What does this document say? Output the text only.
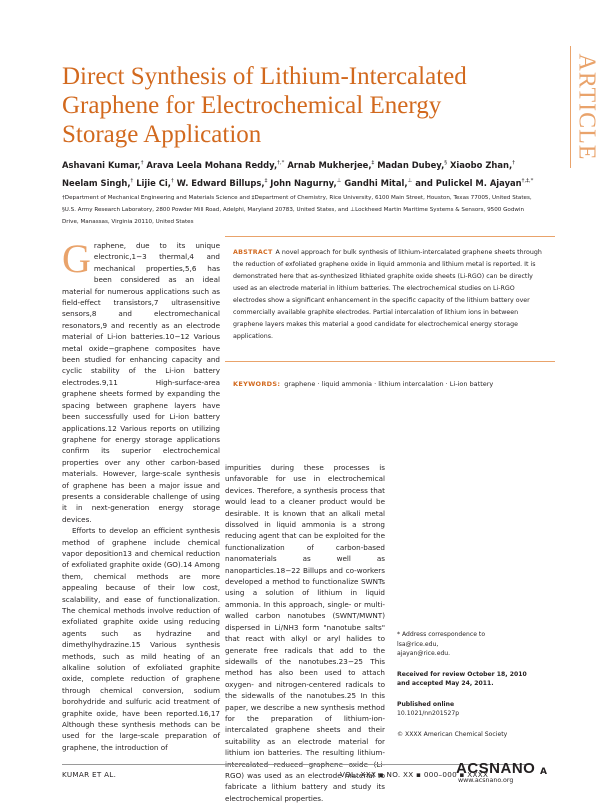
ARTICLE
Direct Synthesis of Lithium-Intercalated Graphene for Electrochemical Energy Storage Application
Ashavani Kumar,† Arava Leela Mohana Reddy,†,* Arnab Mukherjee,‡ Madan Dubey,§ Xiaobo Zhan,† Neelam Singh,† Lijie Ci,† W. Edward Billups,‡ John Nagurny,⊥ Gandhi Mital,⊥ and Pulickel M. Ajayan†,‡,*

†Department of Mechanical Engineering and Materials Science and ‡Department of Chemistry, Rice University, 6100 Main Street, Houston, Texas 77005, United States, §U.S. Army Research Laboratory, 2800 Powder Mill Road, Adelphi, Maryland 20783, United States, and ⊥Lockheed Martin Maritime Systems & Sensors, 9500 Godwin Drive, Manassas, Virginia 20110, United States

Graphene, due to its unique electronic,1−3 thermal,4 and mechanical properties,5,6 has been considered as an ideal material for numerous applications such as field-effect transistors,7 ultrasensitive sensors,8 and electromechanical resonators,9 and recently as an electrode material of Li-ion batteries.10−12 Various metal oxide−graphene composites have been studied for enhancing capacity and cyclic stability of the Li-ion battery electrodes.9,11 High-surface-area graphene sheets formed by expanding the spacing between graphene layers have been successfully used for Li-ion battery applications.12 Various reports on utilizing graphene for energy storage applications confirm its superior electrochemical properties over any other carbon-based materials. However, large-scale synthesis of graphene has been a major issue and presents a considerable challenge of using it in next-generation energy storage devices.

Efforts to develop an efficient synthesis method of graphene include chemical vapor deposition13 and chemical reduction of exfoliated graphite oxide (GO).14 Among them, chemical methods are more appealing because of their low cost, scalability, and ease of functionalization. The chemical methods involve reduction of exfoliated graphite oxide using reducing agents such as hydrazine and dimethylhydrazine.15 Various synthesis methods, such as mild heating of an alkaline solution of exfoliated graphite oxide, complete reduction of graphene through chemical conversion, sodium borohydride and sulfuric acid treatment of graphite oxide, have been reported.16,17 Although these synthesis methods can be used for the large-scale preparation of graphene, the introduction of

ABSTRACT A novel approach for bulk synthesis of lithium-intercalated graphene sheets through the reduction of exfoliated graphene oxide in liquid ammonia and lithium metal is reported. It is demonstrated here that as-synthesized lithiated graphite oxide sheets (Li-RGO) can be directly used as an electrode material in lithium batteries. The electrochemical studies on Li-RGO electrodes show a significant enhancement in the specific capacity of the lithium battery over commercially available graphite electrodes. Partial intercalation of lithium ions in between graphene layers makes this material a good candidate for electrochemical energy storage applications.

KEYWORDS: graphene · liquid ammonia · lithium intercalation · Li-ion battery

impurities during these processes is unfavorable for use in electrochemical devices. Therefore, a synthesis process that would lead to a cleaner product would be desirable. It is known that an alkali metal dissolved in liquid ammonia is a strong reducing agent that can be exploited for the functionalization of carbon-based nanomaterials as well as nanoparticles.18−22 Billups and co-workers developed a method to functionalize SWNTs using a solution of lithium in liquid ammonia. In this approach, single- or multi-walled carbon nanotubes (SWNT/MWNT) dispersed in Li/NH3 form "nanotube salts" that react with alkyl or aryl halides to generate free radicals that add to the sidewalls of the nanotubes.23−25 This method has also been used to attach oxygen- and nitrogen-centered radicals to the sidewalls of the nanotubes.25 In this paper, we describe a new synthesis method for the preparation of lithium-ion-intercalated graphene sheets and their suitability as an electrode material for lithium ion batteries. The resulting lithium-intercalated reduced graphene oxide (Li-RGO) was used as an electrode material to fabricate a lithium battery and study its electrochemical properties.

* Address correspondence to
lsa@rice.edu,
ajayan@rice.edu.
Received for review October 18, 2010
and accepted May 24, 2011.
Published online
10.1021/nn201527p
© XXXX American Chemical Society
KUMAR ET AL.	VOL. XXX ▪ NO. XX ▪ 000–000 ▪ XXXX
ACSNANO
www.acsnano.org
A
